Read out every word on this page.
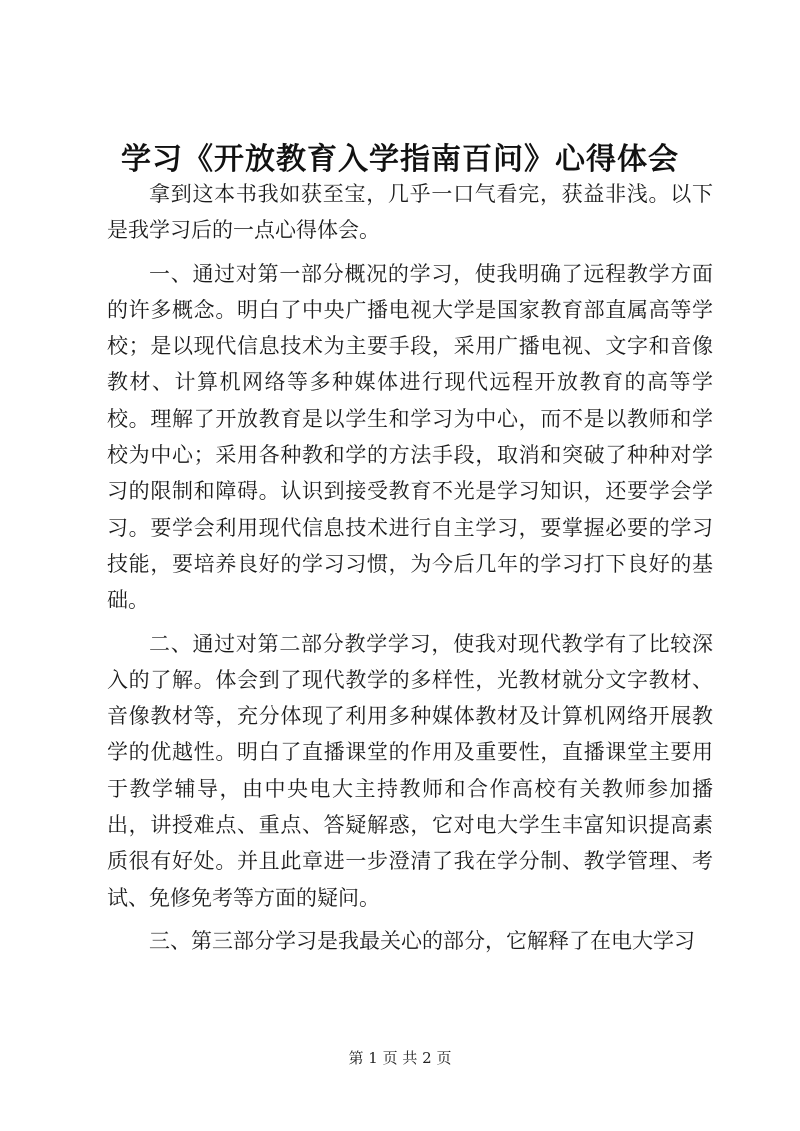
学习《开放教育入学指南百问》心得体会

拿到这本书我如获至宝，几乎一口气看完，获益非浅。以下是我学习后的一点心得体会。

一、通过对第一部分概况的学习，使我明确了远程教学方面的许多概念。明白了中央广播电视大学是国家教育部直属高等学校；是以现代信息技术为主要手段，采用广播电视、文字和音像教材、计算机网络等多种媒体进行现代远程开放教育的高等学校。理解了开放教育是以学生和学习为中心，而不是以教师和学校为中心；采用各种教和学的方法手段，取消和突破了种种对学习的限制和障碍。认识到接受教育不光是学习知识，还要学会学习。要学会利用现代信息技术进行自主学习，要掌握必要的学习技能，要培养良好的学习习惯，为今后几年的学习打下良好的基础。

二、通过对第二部分教学学习，使我对现代教学有了比较深入的了解。体会到了现代教学的多样性，光教材就分文字教材、音像教材等，充分体现了利用多种媒体教材及计算机网络开展教学的优越性。明白了直播课堂的作用及重要性，直播课堂主要用于教学辅导，由中央电大主持教师和合作高校有关教师参加播出，讲授难点、重点、答疑解惑，它对电大学生丰富知识提高素质很有好处。并且此章进一步澄清了我在学分制、教学管理、考试、免修免考等方面的疑问。

三、第三部分学习是我最关心的部分，它解释了在电大学习

第 1 页 共 2 页
